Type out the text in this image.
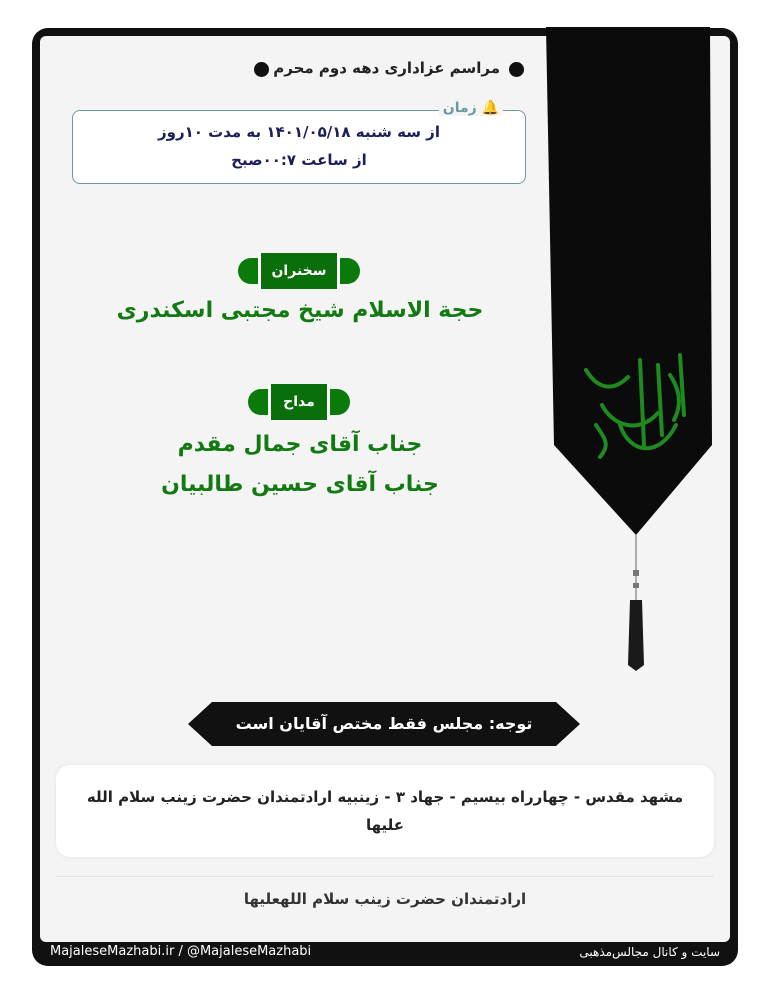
مراسم عزاداری دهه دوم محرم
🔔 زمان
از سه شنبه ۱۴۰۱/۰۵/۱۸ به مدت ۱۰روز
از ساعت ۰۰:۷صبح
سخنران
حجة الاسلام شیخ مجتبی اسکندری
مداح
جناب آقای جمال مقدم
جناب آقای حسین طالبیان
توجه: مجلس فقط مختص آقایان است
مشهد مقدس - چهارراه بیسیم - جهاد ۳ - زینبیه ارادتمندان حضرت زینب سلام الله علیها
ارادتمندان حضرت زینب سلام اللهعلیها
MajaleseMazhabi.ir / @MajaleseMazhabi	سایت و کانال مجالس‌مذهبی
